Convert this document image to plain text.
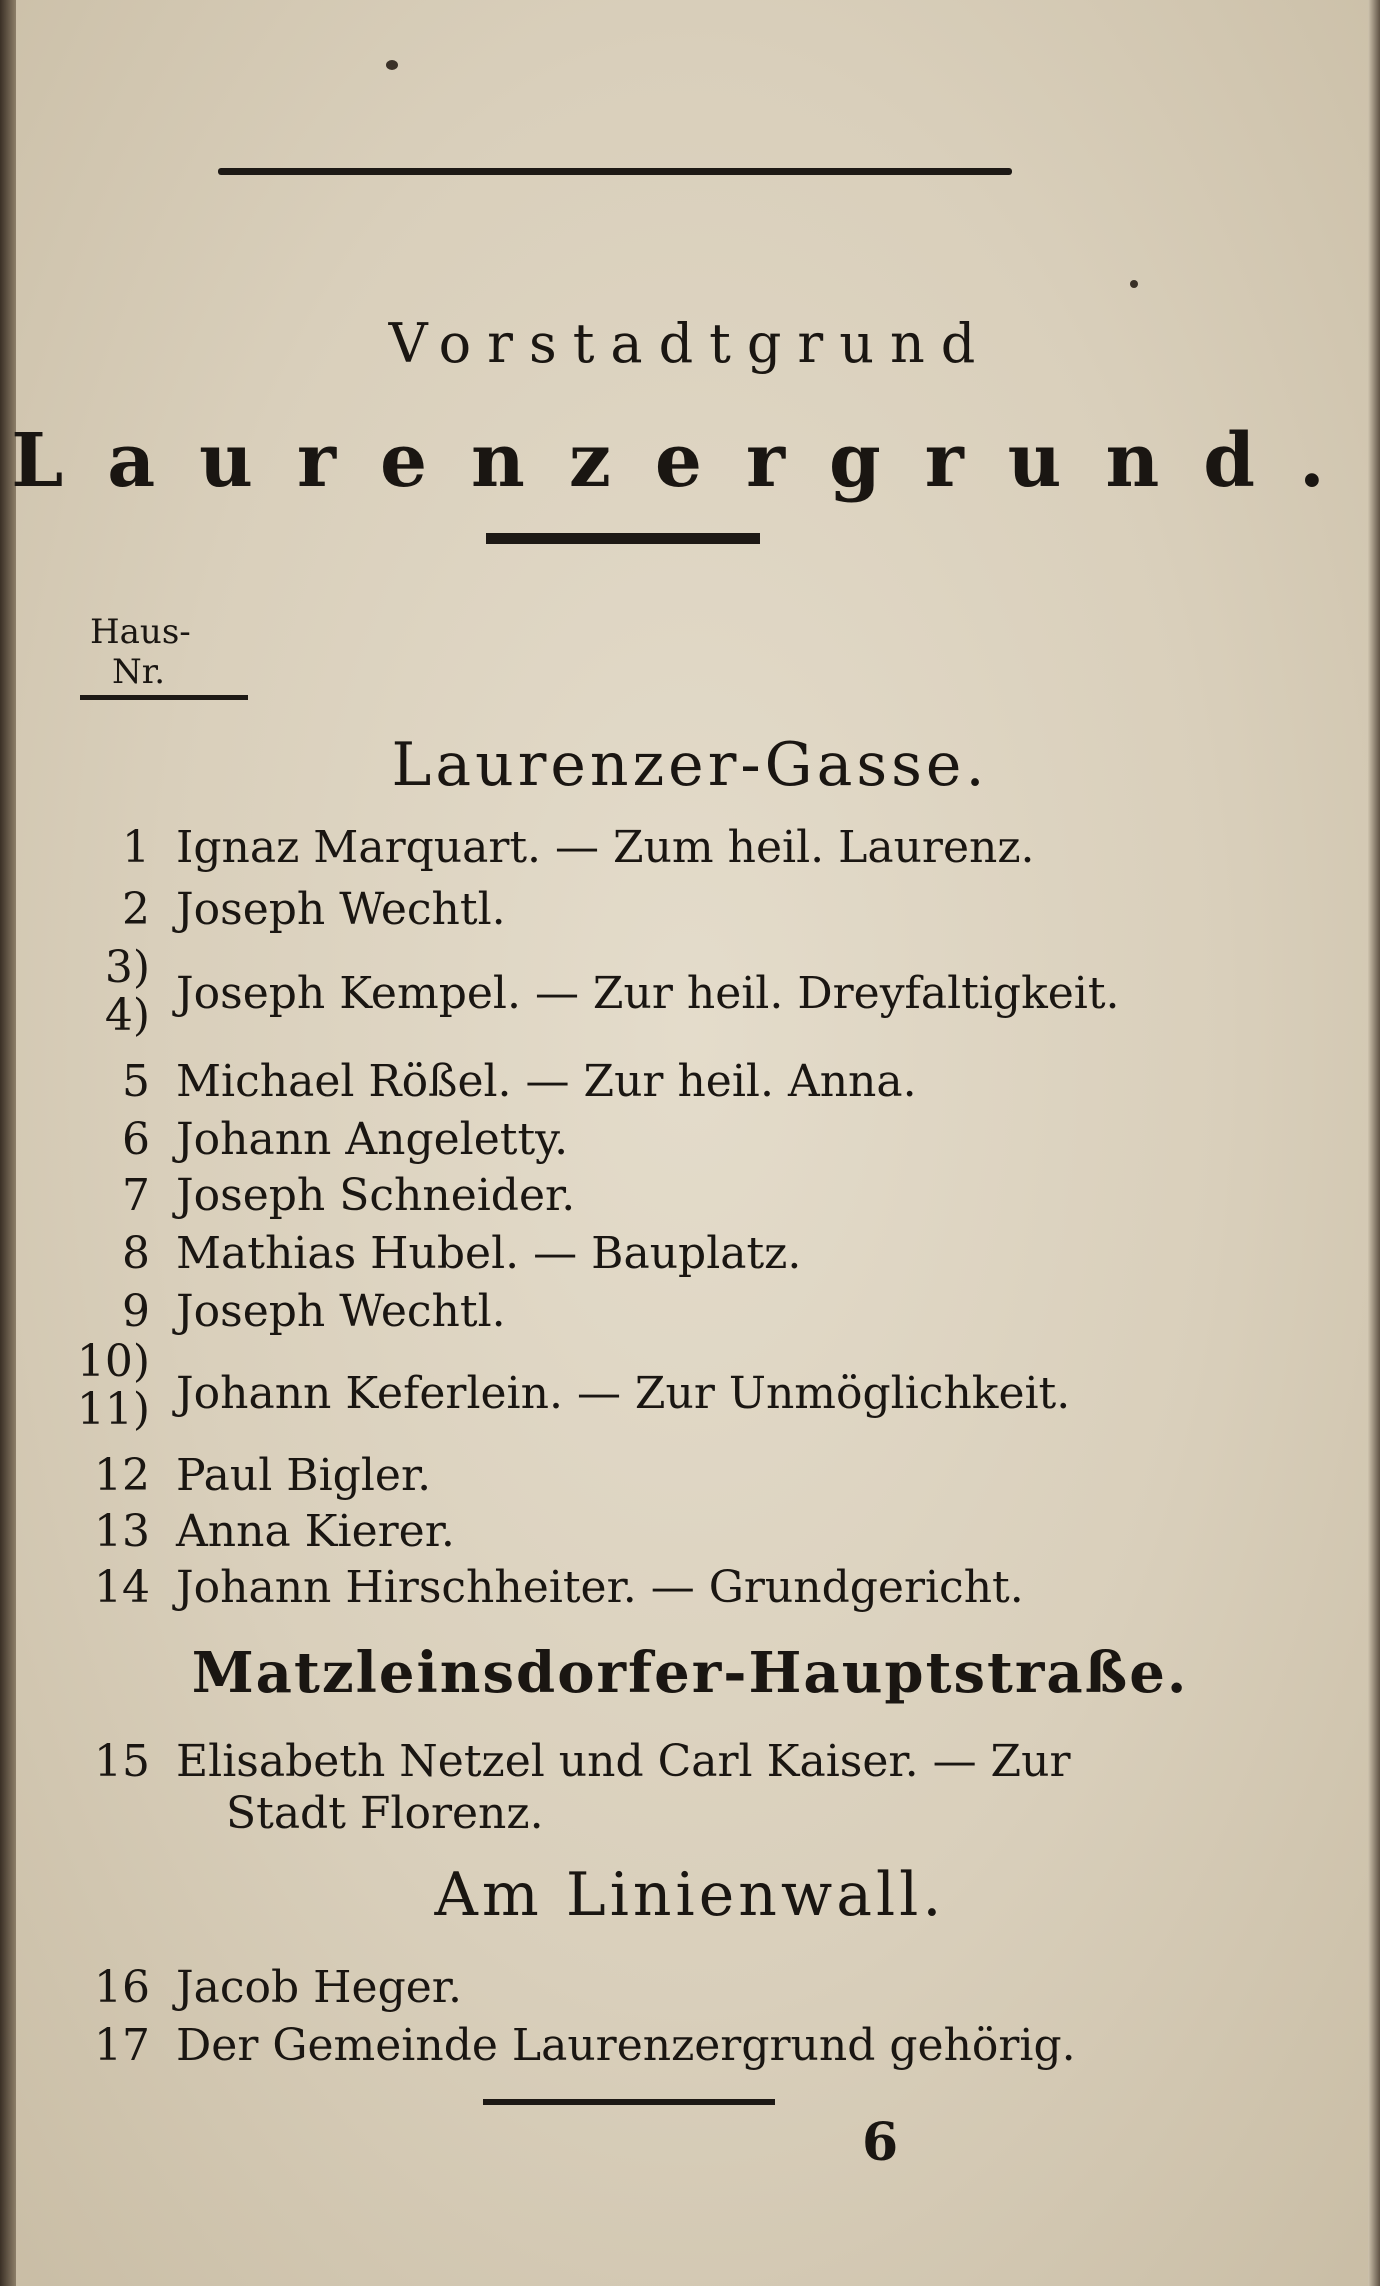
Vorstadtgrund
Laurenzergrund.
Haus-
Nr.
Laurenzer-Gasse.
1 Ignaz Marquart. — Zum heil. Laurenz.
2 Joseph Wechtl.
3)
4) Joseph Kempel. — Zur heil. Dreyfaltigkeit.
5 Michael Rößel. — Zur heil. Anna.
6 Johann Angeletty.
7 Joseph Schneider.
8 Mathias Hubel. — Bauplatz.
9 Joseph Wechtl.
10)
11) Johann Keferlein. — Zur Unmöglichkeit.
12 Paul Bigler.
13 Anna Kierer.
14 Johann Hirschheiter. — Grundgericht.
Matzleinsdorfer-Hauptstraße.
15 Elisabeth Netzel und Carl Kaiser. — Zur
Stadt Florenz.
Am Linienwall.
16 Jacob Heger.
17 Der Gemeinde Laurenzergrund gehörig.
6
